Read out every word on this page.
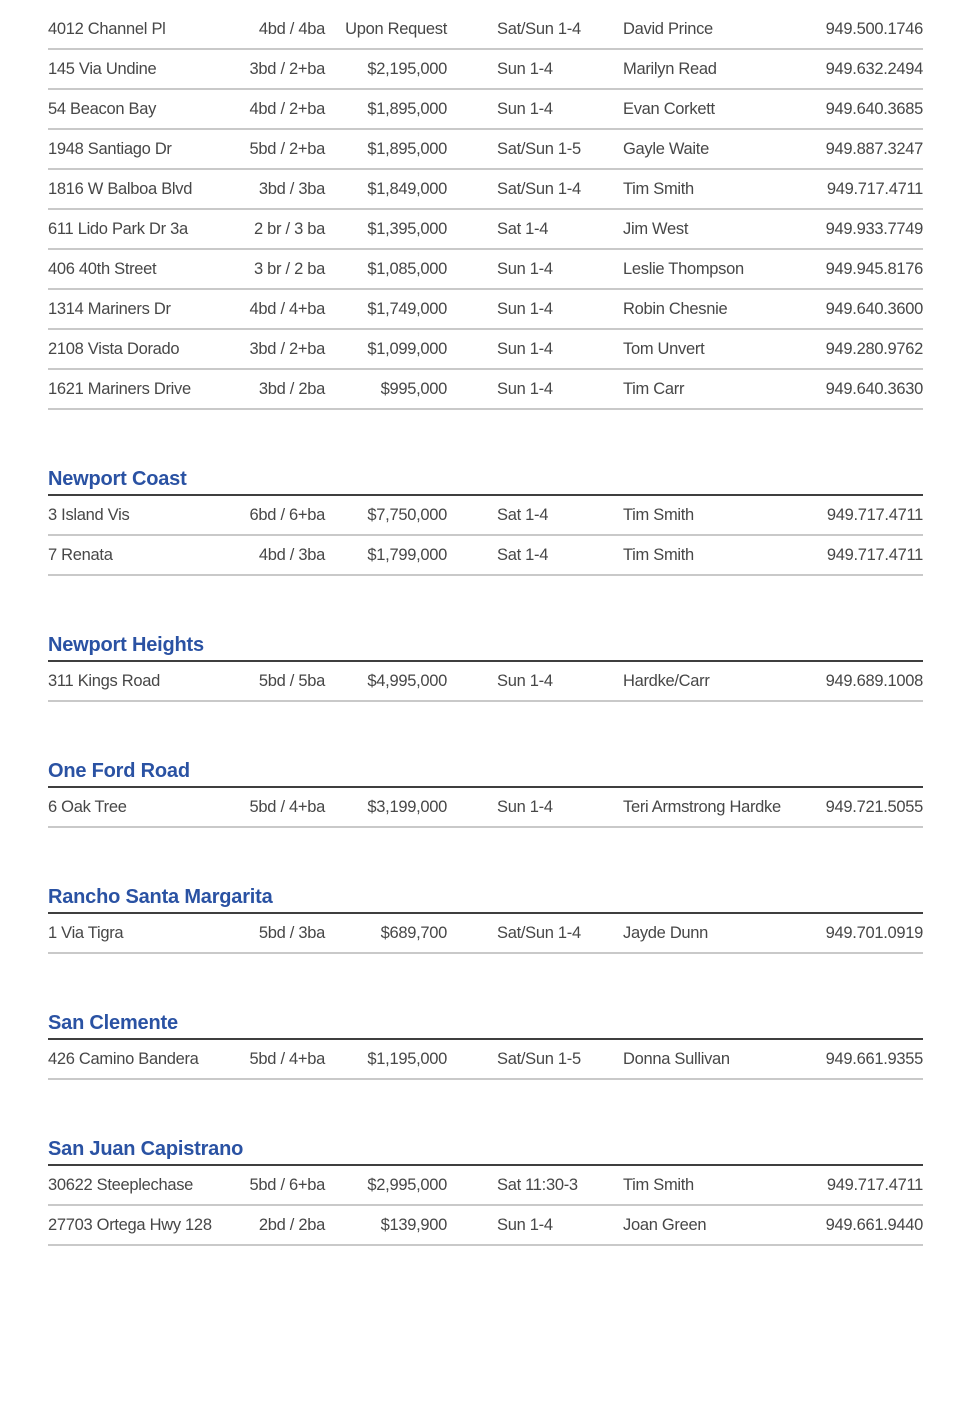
4012 Channel Pl	4bd / 4ba	Upon Request	Sat/Sun 1-4	David Prince	949.500.1746
145 Via Undine	3bd / 2+ba	$2,195,000	Sun 1-4	Marilyn Read	949.632.2494
54 Beacon Bay	4bd / 2+ba	$1,895,000	Sun 1-4	Evan Corkett	949.640.3685
1948 Santiago Dr	5bd / 2+ba	$1,895,000	Sat/Sun 1-5	Gayle Waite	949.887.3247
1816 W Balboa Blvd	3bd / 3ba	$1,849,000	Sat/Sun 1-4	Tim Smith	949.717.4711
611 Lido Park Dr 3a	2 br / 3 ba	$1,395,000	Sat 1-4	Jim West	949.933.7749
406 40th Street	3 br / 2 ba	$1,085,000	Sun 1-4	Leslie Thompson	949.945.8176
1314 Mariners Dr	4bd / 4+ba	$1,749,000	Sun 1-4	Robin Chesnie	949.640.3600
2108 Vista Dorado	3bd / 2+ba	$1,099,000	Sun 1-4	Tom Unvert	949.280.9762
1621 Mariners Drive	3bd / 2ba	$995,000	Sun 1-4	Tim Carr	949.640.3630
Newport Coast
3 Island Vis	6bd / 6+ba	$7,750,000	Sat 1-4	Tim Smith	949.717.4711
7 Renata	4bd / 3ba	$1,799,000	Sat 1-4	Tim Smith	949.717.4711
Newport Heights
311 Kings Road	5bd / 5ba	$4,995,000	Sun 1-4	Hardke/Carr	949.689.1008
One Ford Road
6 Oak Tree	5bd / 4+ba	$3,199,000	Sun 1-4	Teri Armstrong Hardke	949.721.5055
Rancho Santa Margarita
1 Via Tigra	5bd / 3ba	$689,700	Sat/Sun 1-4	Jayde Dunn	949.701.0919
San Clemente
426 Camino Bandera	5bd / 4+ba	$1,195,000	Sat/Sun 1-5	Donna Sullivan	949.661.9355
San Juan Capistrano
30622 Steeplechase	5bd / 6+ba	$2,995,000	Sat 11:30-3	Tim Smith	949.717.4711
27703 Ortega Hwy 128	2bd / 2ba	$139,900	Sun 1-4	Joan Green	949.661.9440
